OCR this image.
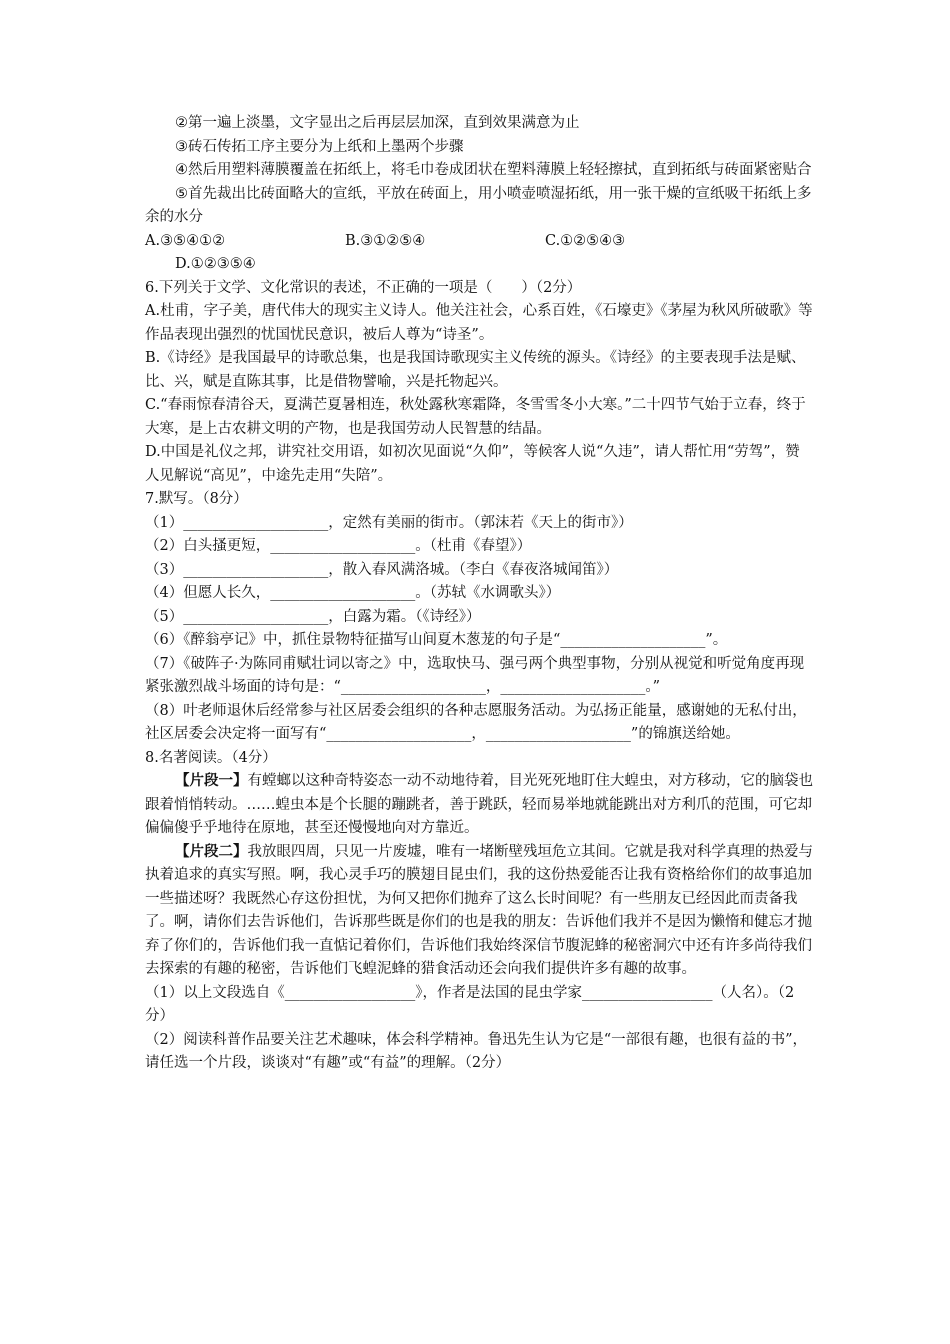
②第一遍上淡墨，文字显出之后再层层加深，直到效果满意为止
③砖石传拓工序主要分为上纸和上墨两个步骤
④然后用塑料薄膜覆盖在拓纸上，将毛巾卷成团状在塑料薄膜上轻轻擦拭，直到拓纸与砖面紧密贴合
⑤首先裁出比砖面略大的宣纸，平放在砖面上，用小喷壶喷湿拓纸，用一张干燥的宣纸吸干拓纸上多余的水分
A.③⑤④①②	B.③①②⑤④	C.①②⑤④③
D.①②③⑤④
6.下列关于文学、文化常识的表述，不正确的一项是（　　）（2分）
A.杜甫，字子美，唐代伟大的现实主义诗人。他关注社会，心系百姓，《石壕吏》《茅屋为秋风所破歌》等作品表现出强烈的忧国忧民意识，被后人尊为“诗圣”。
B.《诗经》是我国最早的诗歌总集，也是我国诗歌现实主义传统的源头。《诗经》的主要表现手法是赋、比、兴，赋是直陈其事，比是借物譬喻，兴是托物起兴。
C.“春雨惊春清谷天，夏满芒夏暑相连，秋处露秋寒霜降，冬雪雪冬小大寒。”二十四节气始于立春，终于大寒，是上古农耕文明的产物，也是我国劳动人民智慧的结晶。
D.中国是礼仪之邦，讲究社交用语，如初次见面说“久仰”，等候客人说“久违”，请人帮忙用“劳驾”，赞人见解说“高见”，中途先走用“失陪”。
7.默写。（8分）
（1）____________________，定然有美丽的街市。（郭沫若《天上的街市》）
（2）白头搔更短，____________________。（杜甫《春望》）
（3）____________________，散入春风满洛城。（李白《春夜洛城闻笛》）
（4）但愿人长久，____________________。（苏轼《水调歌头》）
（5）____________________，白露为霜。（《诗经》）
（6）《醉翁亭记》中，抓住景物特征描写山间夏木葱茏的句子是“____________________”。
（7）《破阵子·为陈同甫赋壮词以寄之》中，选取快马、强弓两个典型事物，分别从视觉和听觉角度再现紧张激烈战斗场面的诗句是：“____________________，____________________。”
（8）叶老师退休后经常参与社区居委会组织的各种志愿服务活动。为弘扬正能量，感谢她的无私付出，社区居委会决定将一面写有“____________________，____________________”的锦旗送给她。
8.名著阅读。（4分）
【片段一】有螳螂以这种奇特姿态一动不动地待着，目光死死地盯住大蝗虫，对方移动，它的脑袋也跟着悄悄转动。……蝗虫本是个长腿的蹦跳者，善于跳跃，轻而易举地就能跳出对方利爪的范围，可它却偏偏傻乎乎地待在原地，甚至还慢慢地向对方靠近。
【片段二】我放眼四周，只见一片废墟，唯有一堵断壁残垣危立其间。它就是我对科学真理的热爱与执着追求的真实写照。啊，我心灵手巧的膜翅目昆虫们，我的这份热爱能否让我有资格给你们的故事追加一些描述呀？我既然心存这份担忧，为何又把你们抛弃了这么长时间呢？有一些朋友已经因此而责备我了。啊，请你们去告诉他们，告诉那些既是你们的也是我的朋友：告诉他们我并不是因为懒惰和健忘才抛弃了你们的，告诉他们我一直惦记着你们，告诉他们我始终深信节腹泥蜂的秘密洞穴中还有许多尚待我们去探索的有趣的秘密，告诉他们飞蝗泥蜂的猎食活动还会向我们提供许多有趣的故事。
（1）以上文段选自《__________________》，作者是法国的昆虫学家__________________（人名）。（2分）
（2）阅读科普作品要关注艺术趣味，体会科学精神。鲁迅先生认为它是“一部很有趣，也很有益的书”，请任选一个片段，谈谈对“有趣”或“有益”的理解。（2分）
